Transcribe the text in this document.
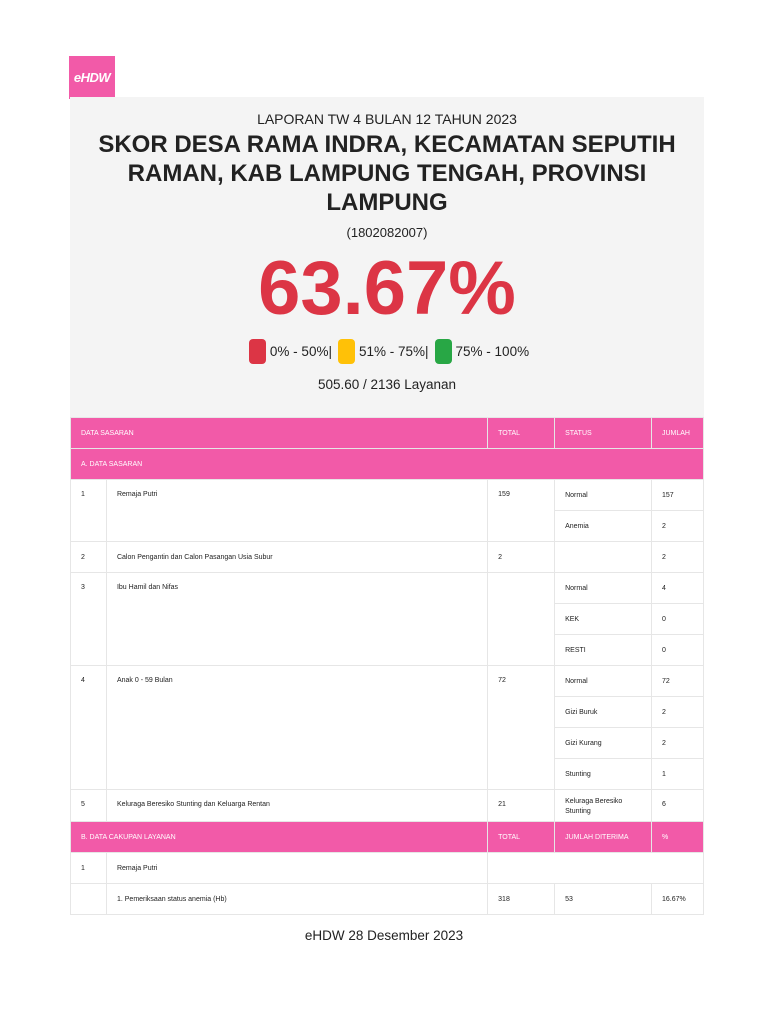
eHDW
LAPORAN TW 4 BULAN 12 TAHUN 2023
SKOR DESA RAMA INDRA, KECAMATAN SEPUTIH RAMAN, KAB LAMPUNG TENGAH, PROVINSI LAMPUNG
(1802082007)
63.67%
0% - 50% | 51% - 75% | 75% - 100%
505.60 / 2136 Layanan
DATA SASARAN		TOTAL	STATUS	JUMLAH
A. DATA SASARAN				
1	Remaja Putri	159	Normal	157
			Anemia	2
2	Calon Pengantin dan Calon Pasangan Usia Subur	2		2
3	Ibu Hamil dan Nifas		Normal	4
			KEK	0
			RESTI	0
4	Anak 0 - 59 Bulan	72	Normal	72
			Gizi Buruk	2
			Gizi Kurang	2
			Stunting	1
5	Keluraga Beresiko Stunting dan Keluarga Rentan	21	Keluraga Beresiko Stunting	6
B. DATA CAKUPAN LAYANAN		TOTAL	JUMLAH DITERIMA	%
1	Remaja Putri			
	1. Pemeriksaan status anemia (Hb)	318	53	16.67%
eHDW 28 Desember 2023
